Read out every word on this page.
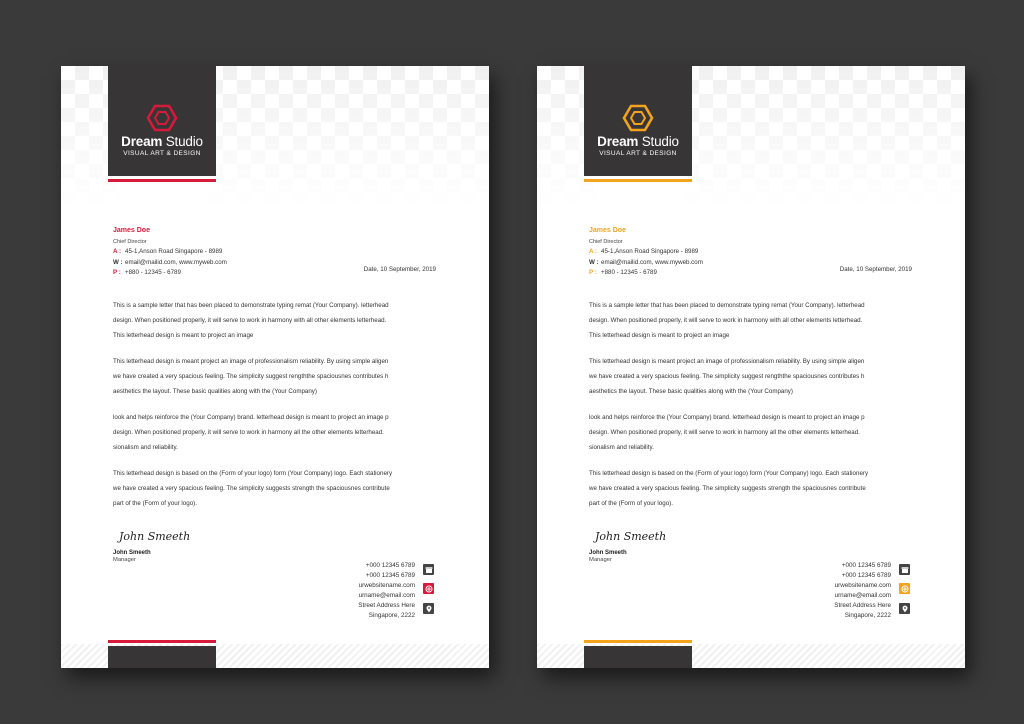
Dream Studio
VISUAL ART & DESIGN
James Doe
Chief Director
A : 45-1,Anson Road Singapore - 8989
W : email@mailid.com, www.myweb.com
P : +880 - 12345 - 6789	Date, 10 September, 2019

This is a sample letter that has been placed to demonstrate typing remat (Your Company). letterhead
design. When positioned properly, it will serve to work in harmony with all other elements letterhead.
This letterhead design is meant to project an image

This letterhead design is meant project an image of professionalism reliability. By using simple aligen
we have created a very spacious feeling. The simplicity suggest rengththe spaciousnes contributes h
aesthetics the layout. These basic qualities along with the (Your Company)

look and helps reinforce the (Your Company) brand. letterhead design is meant to project an image p
design. When positioned properly, it will serve to work in harmony all the other elements letterhead.
sionalism and reliability.

This letterhead design is based on the (Form of your logo) form (Your Company) logo. Each stationery
we have created a very spacious feeling. The simplicity suggests strength the spaciousnes contribute
part of the (Form of your logo).

John Smeeth
John Smeeth
Manager
+000 12345 6789
+000 12345 6789
urwebsitename.com
urname@email.com
Street Address Here
Singapore, 2222
Dream Studio
VISUAL ART & DESIGN
James Doe
Chief Director
A : 45-1,Anson Road Singapore - 8989
W : email@mailid.com, www.myweb.com
P : +880 - 12345 - 6789	Date, 10 September, 2019

This is a sample letter that has been placed to demonstrate typing remat (Your Company). letterhead
design. When positioned properly, it will serve to work in harmony with all other elements letterhead.
This letterhead design is meant to project an image

This letterhead design is meant project an image of professionalism reliability. By using simple aligen
we have created a very spacious feeling. The simplicity suggest rengththe spaciousnes contributes h
aesthetics the layout. These basic qualities along with the (Your Company)

look and helps reinforce the (Your Company) brand. letterhead design is meant to project an image p
design. When positioned properly, it will serve to work in harmony all the other elements letterhead.
sionalism and reliability.

This letterhead design is based on the (Form of your logo) form (Your Company) logo. Each stationery
we have created a very spacious feeling. The simplicity suggests strength the spaciousnes contribute
part of the (Form of your logo).

John Smeeth
John Smeeth
Manager
+000 12345 6789
+000 12345 6789
urwebsitename.com
urname@email.com
Street Address Here
Singapore, 2222
